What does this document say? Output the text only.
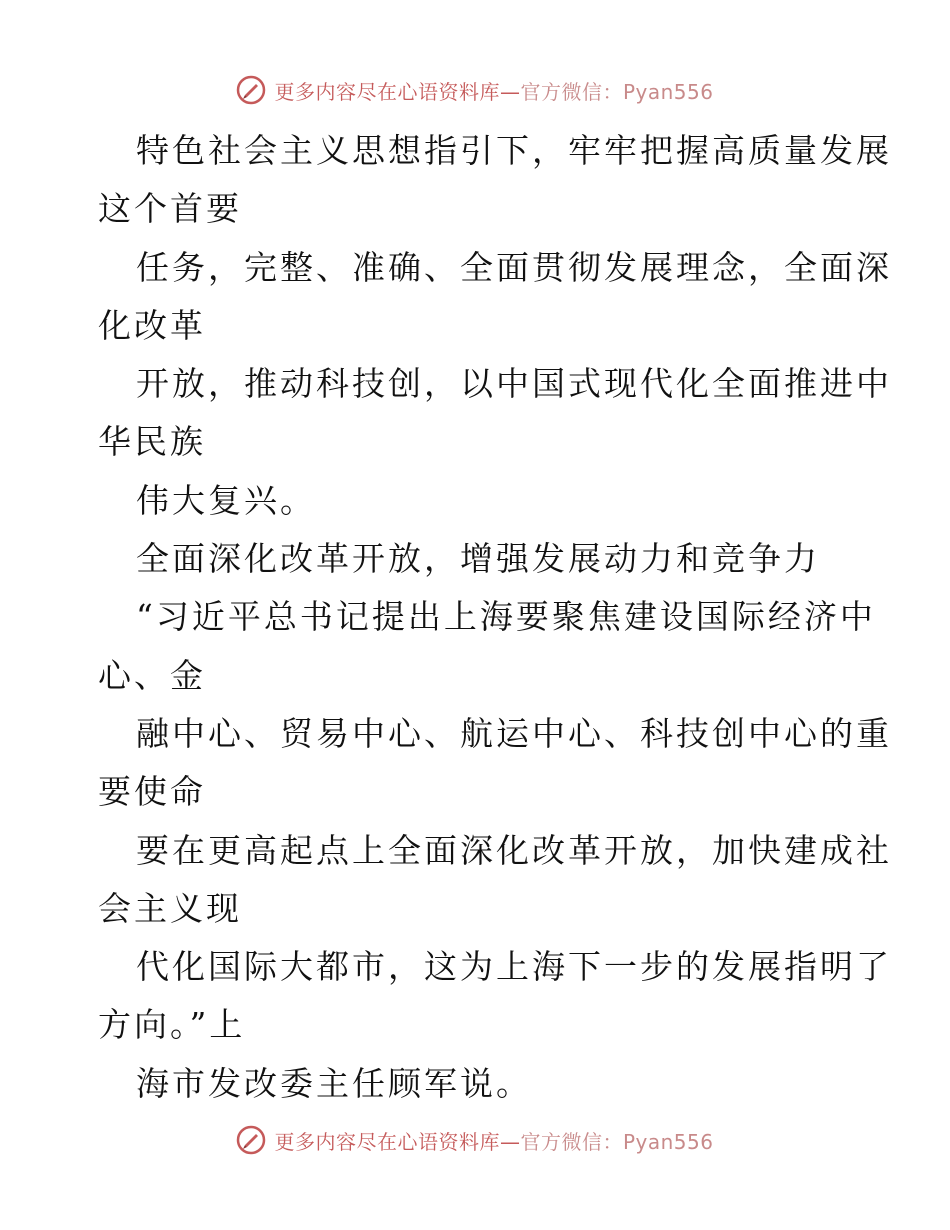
更多内容尽在心语资料库—官方微信：Pyan556
特色社会主义思想指引下，牢牢把握高质量发展
这个首要
任务，完整、准确、全面贯彻发展理念，全面深
化改革
开放，推动科技创，以中国式现代化全面推进中
华民族
伟大复兴。
全面深化改革开放，增强发展动力和竞争力
“习近平总书记提出上海要聚焦建设国际经济中
心、金
融中心、贸易中心、航运中心、科技创中心的重
要使命
要在更高起点上全面深化改革开放，加快建成社
会主义现
代化国际大都市，这为上海下一步的发展指明了
方向。”上
海市发改委主任顾军说。
更多内容尽在心语资料库—官方微信：Pyan556
